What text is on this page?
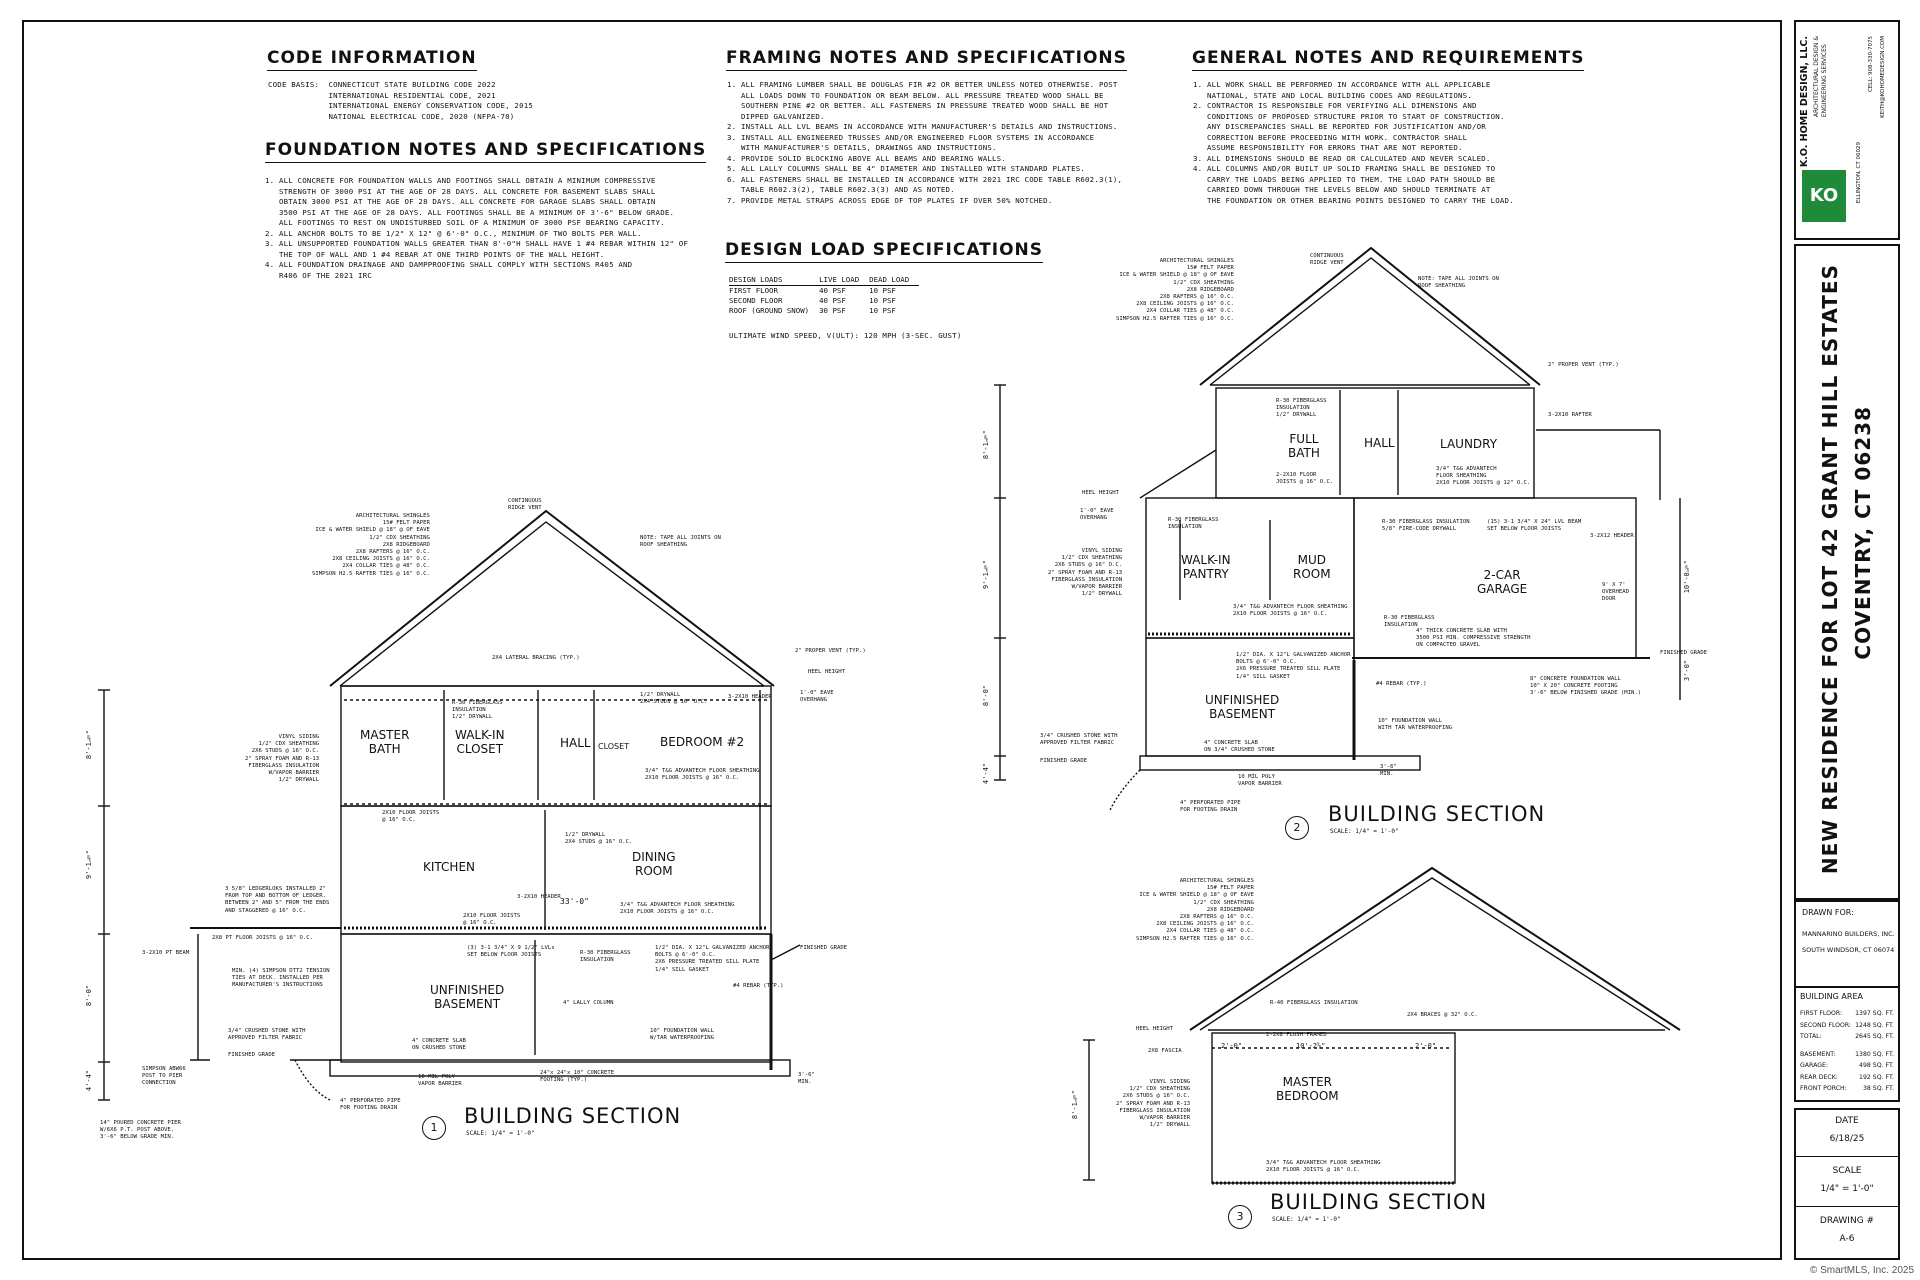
CODE INFORMATION
CODE BASIS:  CONNECTICUT STATE BUILDING CODE 2022
INTERNATIONAL RESIDENTIAL CODE, 2021
INTERNATIONAL ENERGY CONSERVATION CODE, 2015
NATIONAL ELECTRICAL CODE, 2020 (NFPA-70)
FOUNDATION NOTES AND SPECIFICATIONS
1. ALL CONCRETE FOR FOUNDATION WALLS AND FOOTINGS SHALL OBTAIN A MINIMUM COMPRESSIVE
STRENGTH OF 3000 PSI AT THE AGE OF 28 DAYS. ALL CONCRETE FOR BASEMENT SLABS SHALL
OBTAIN 3000 PSI AT THE AGE OF 28 DAYS. ALL CONCRETE FOR GARAGE SLABS SHALL OBTAIN
3500 PSI AT THE AGE OF 28 DAYS. ALL FOOTINGS SHALL BE A MINIMUM OF 3'-6" BELOW GRADE.
ALL FOOTINGS TO REST ON UNDISTURBED SOIL OF A MINIMUM OF 3000 PSF BEARING CAPACITY.
2. ALL ANCHOR BOLTS TO BE 1/2" X 12" @ 6'-0" O.C., MINIMUM OF TWO BOLTS PER WALL.
3. ALL UNSUPPORTED FOUNDATION WALLS GREATER THAN 8'-0"H SHALL HAVE 1 #4 REBAR WITHIN 12" OF
THE TOP OF WALL AND 1 #4 REBAR AT ONE THIRD POINTS OF THE WALL HEIGHT.
4. ALL FOUNDATION DRAINAGE AND DAMPPROOFING SHALL COMPLY WITH SECTIONS R405 AND
R406 OF THE 2021 IRC
FRAMING NOTES AND SPECIFICATIONS
1. ALL FRAMING LUMBER SHALL BE DOUGLAS FIR #2 OR BETTER UNLESS NOTED OTHERWISE. POST
ALL LOADS DOWN TO FOUNDATION OR BEAM BELOW. ALL PRESSURE TREATED WOOD SHALL BE
SOUTHERN PINE #2 OR BETTER. ALL FASTENERS IN PRESSURE TREATED WOOD SHALL BE HOT
DIPPED GALVANIZED.
2. INSTALL ALL LVL BEAMS IN ACCORDANCE WITH MANUFACTURER'S DETAILS AND INSTRUCTIONS.
3. INSTALL ALL ENGINEERED TRUSSES AND/OR ENGINEERED FLOOR SYSTEMS IN ACCORDANCE
WITH MANUFACTURER'S DETAILS, DRAWINGS AND INSTRUCTIONS.
4. PROVIDE SOLID BLOCKING ABOVE ALL BEAMS AND BEARING WALLS.
5. ALL LALLY COLUMNS SHALL BE 4" DIAMETER AND INSTALLED WITH STANDARD PLATES.
6. ALL FASTENERS SHALL BE INSTALLED IN ACCORDANCE WITH 2021 IRC CODE TABLE R602.3(1),
TABLE R602.3(2), TABLE R602.3(3) AND AS NOTED.
7. PROVIDE METAL STRAPS ACROSS EDGE OF TOP PLATES IF OVER 50% NOTCHED.
GENERAL NOTES AND REQUIREMENTS
1. ALL WORK SHALL BE PERFORMED IN ACCORDANCE WITH ALL APPLICABLE
NATIONAL, STATE AND LOCAL BUILDING CODES AND REGULATIONS.
2. CONTRACTOR IS RESPONSIBLE FOR VERIFYING ALL DIMENSIONS AND
CONDITIONS OF PROPOSED STRUCTURE PRIOR TO START OF CONSTRUCTION.
ANY DISCREPANCIES SHALL BE REPORTED FOR JUSTIFICATION AND/OR
CORRECTION BEFORE PROCEEDING WITH WORK. CONTRACTOR SHALL
ASSUME RESPONSIBILITY FOR ERRORS THAT ARE NOT REPORTED.
3. ALL DIMENSIONS SHOULD BE READ OR CALCULATED AND NEVER SCALED.
4. ALL COLUMNS AND/OR BUILT UP SOLID FRAMING SHALL BE DESIGNED TO
CARRY THE LOADS BEING APPLIED TO THEM. THE LOAD PATH SHOULD BE
CARRIED DOWN THROUGH THE LEVELS BELOW AND SHOULD TERMINATE AT
THE FOUNDATION OR OTHER BEARING POINTS DESIGNED TO CARRY THE LOAD.
DESIGN LOAD SPECIFICATIONS
DESIGN LOADS	LIVE LOAD	DEAD LOAD
FIRST FLOOR	40 PSF	10 PSF
SECOND FLOOR	40 PSF	10 PSF
ROOF (GROUND SNOW)	30 PSF	10 PSF
ULTIMATE WIND SPEED, V(ULT): 120 MPH (3-SEC. GUST)
MASTER
BATH
WALK-IN
CLOSET	HALL CLOSET	BEDROOM #2
KITCHEN
DINING
ROOM
UNFINISHED
BASEMENT
33'-0"
8'-1⅛"
9'-1⅛"
8'-0"
4'-4"
CONTINUOUS
RIDGE VENT
NOTE: TAPE ALL JOINTS ON
ROOF SHEATHING
ARCHITECTURAL SHINGLES
15# FELT PAPER
ICE & WATER SHIELD @ 18" @ OF EAVE
1/2" CDX SHEATHING
2X8 RIDGEBOARD
2X8 RAFTERS @ 16" O.C.
2X8 CEILING JOISTS @ 16" O.C.
2X4 COLLAR TIES @ 48" O.C.
SIMPSON H2.5 RAFTER TIES @ 16" O.C.
2X4 LATERAL BRACING (TYP.)
2" PROPER VENT (TYP.)
HEEL HEIGHT
VINYL SIDING
1/2" CDX SHEATHING
2X6 STUDS @ 16" O.C.
2" SPRAY FOAM AND R-13
FIBERGLASS INSULATION
W/VAPOR BARRIER
1/2" DRYWALL
2X10 FLOOR JOISTS
@ 16" O.C.
R-30 FIBERGLASS
INSULATION
1/2" DRYWALL
1/2" DRYWALL
2X4 STUDS @ 16" O.C.
3-2X10 HEADER
1'-0" EAVE
OVERHANG
3/4" T&G ADVANTECH FLOOR SHEATHING
2X10 FLOOR JOISTS @ 16" O.C.
1/2" DRYWALL
2X4 STUDS @ 16" O.C.
3-2X10 HEADER
3/4" T&G ADVANTECH FLOOR SHEATHING
2X10 FLOOR JOISTS @ 16" O.C.
2X10 FLOOR JOISTS
@ 16" O.C.
3 5/8" LEDGERLOKS INSTALLED 2"
FROM TOP AND BOTTOM OF LEDGER.
BETWEEN 2" AND 5" FROM THE ENDS
AND STAGGERED @ 16" O.C.
2X8 PT FLOOR JOISTS @ 16" O.C.
3-2X10 PT BEAM
MIN. (4) SIMPSON DTT2 TENSION
TIES AT DECK. INSTALLED PER
MANUFACTURER'S INSTRUCTIONS
(3) 3-1 3/4" X 9 1/2" LVLs
SET BELOW FLOOR JOISTS	R-30 FIBERGLASS
INSULATION
1/2" DIA. X 12"L GALVANIZED ANCHOR
BOLTS @ 6'-0" O.C.
2X6 PRESSURE TREATED SILL PLATE
1/4" SILL GASKET
FINISHED GRADE
#4 REBAR (TYP.)
4" LALLY COLUMN
3/4" CRUSHED STONE WITH
APPROVED FILTER FABRIC
FINISHED GRADE
4" CONCRETE SLAB
ON CRUSHED STONE
10" FOUNDATION WALL
W/TAR WATERPROOFING
10 MIL POLY
VAPOR BARRIER
24"x 24"x 10" CONCRETE
FOOTING (TYP.)
4" PERFORATED PIPE
FOR FOOTING DRAIN
SIMPSON ABW66
POST TO PIER
CONNECTION
14" POURED CONCRETE PIER
W/6X6 P.T. POST ABOVE.
3'-6" BELOW GRADE MIN.
3'-6"
MIN.
1	BUILDING SECTION
SCALE: 1/4" = 1'-0"
FULL
BATH
HALL	LAUNDRY
WALK-IN
PANTRY
MUD
ROOM	2-CAR
GARAGE
UNFINISHED
BASEMENT
8'-1⅛"
9'-1⅛"
8'-0"
4'-4"
10'-0⅝"
3'-0"
CONTINUOUS
RIDGE VENT
NOTE: TAPE ALL JOINTS ON
ROOF SHEATHING
ARCHITECTURAL SHINGLES
15# FELT PAPER
ICE & WATER SHIELD @ 18" @ OF EAVE
1/2" CDX SHEATHING
2X8 RIDGEBOARD
2X8 RAFTERS @ 16" O.C.
2X8 CEILING JOISTS @ 16" O.C.
2X4 COLLAR TIES @ 48" O.C.
SIMPSON H2.5 RAFTER TIES @ 16" O.C.
2" PROPER VENT (TYP.)
3-2X10 RAFTER
R-30 FIBERGLASS
INSULATION
1/2" DRYWALL
2-2X10 FLOOR
JOISTS @ 16" O.C.
3/4" T&G ADVANTECH
FLOOR SHEATHING
2X10 FLOOR JOISTS @ 12" O.C.
HEEL HEIGHT
1'-0" EAVE
OVERHANG	R-30 FIBERGLASS
INSULATION
R-30 FIBERGLASS INSULATION
5/8" FIRE-CODE DRYWALL
(15) 3-1 3/4" X 24" LVL BEAM
SET BELOW FLOOR JOISTS
3-2X12 HEADER
VINYL SIDING
1/2" CDX SHEATHING
2X6 STUDS @ 16" O.C.
2" SPRAY FOAM AND R-13
FIBERGLASS INSULATION
W/VAPOR BARRIER
1/2" DRYWALL
9' X 7'
OVERHEAD
DOOR
3/4" T&G ADVANTECH FLOOR SHEATHING
2X10 FLOOR JOISTS @ 16" O.C.
R-30 FIBERGLASS
INSULATION
4" THICK CONCRETE SLAB WITH
3500 PSI MIN. COMPRESSIVE STRENGTH
ON COMPACTED GRAVEL
1/2" DIA. X 12"L GALVANIZED ANCHOR
BOLTS @ 6'-0" O.C.
2X6 PRESSURE TREATED SILL PLATE
1/4" SILL GASKET
FINISHED GRADE
#4 REBAR (TYP.)
8" CONCRETE FOUNDATION WALL
10" X 20" CONCRETE FOOTING
3'-6" BELOW FINISHED GRADE (MIN.)
10" FOUNDATION WALL
WITH TAR WATERPROOFING
3/4" CRUSHED STONE WITH
APPROVED FILTER FABRIC
FINISHED GRADE
4" CONCRETE SLAB
ON 3/4" CRUSHED STONE
3'-6"
MIN.
10 MIL POLY
VAPOR BARRIER
4" PERFORATED PIPE
FOR FOOTING DRAIN
2
BUILDING SECTION
SCALE: 1/4" = 1'-0"
MASTER
BEDROOM
8'-1⅛"
2'-0"	10'-2⅝"	2'-0"
ARCHITECTURAL SHINGLES
15# FELT PAPER
ICE & WATER SHIELD @ 18" @ OF EAVE
1/2" CDX SHEATHING
2X8 RIDGEBOARD
2X8 RAFTERS @ 16" O.C.
2X8 CEILING JOISTS @ 16" O.C.
2X4 COLLAR TIES @ 48" O.C.
SIMPSON H2.5 RAFTER TIES @ 16" O.C.
R-40 FIBERGLASS INSULATION
2X4 BRACES @ 32" O.C.
HEEL HEIGHT
2-2X8 FLUSH FRAMED
2X8 FASCIA
VINYL SIDING
1/2" CDX SHEATHING
2X6 STUDS @ 16" O.C.
2" SPRAY FOAM AND R-13
FIBERGLASS INSULATION
W/VAPOR BARRIER
1/2" DRYWALL
3/4" T&G ADVANTECH FLOOR SHEATHING
2X10 FLOOR JOISTS @ 16" O.C.
3
BUILDING SECTION
SCALE: 1/4" = 1'-0"
KO
K.O. HOME DESIGN, LLC. ARCHITECTURAL DESIGN &
ENGINEERING SERVICES
ELLINGTON, CT 06029
CELL: 908-330-7075 KEITH@KOHOMEDESIGN.COM
NEW RESIDENCE FOR LOT 42 GRANT HILL ESTATES COVENTRY, CT 06238
DRAWN FOR:
MANNARINO BUILDERS, INC.
SOUTH WINDSOR, CT 06074
BUILDING AREA
FIRST FLOOR: 1397 SQ. FT.
SECOND FLOOR: 1248 SQ. FT.
TOTAL:	2645 SQ. FT.
BASEMENT:	1380 SQ. FT.
GARAGE:	498 SQ. FT.
REAR DECK:	192 SQ. FT.
FRONT PORCH:	38 SQ. FT.
DATE
6/18/25
SCALE
1/4" = 1'-0"
DRAWING #
A-6
© SmartMLS, Inc. 2025
